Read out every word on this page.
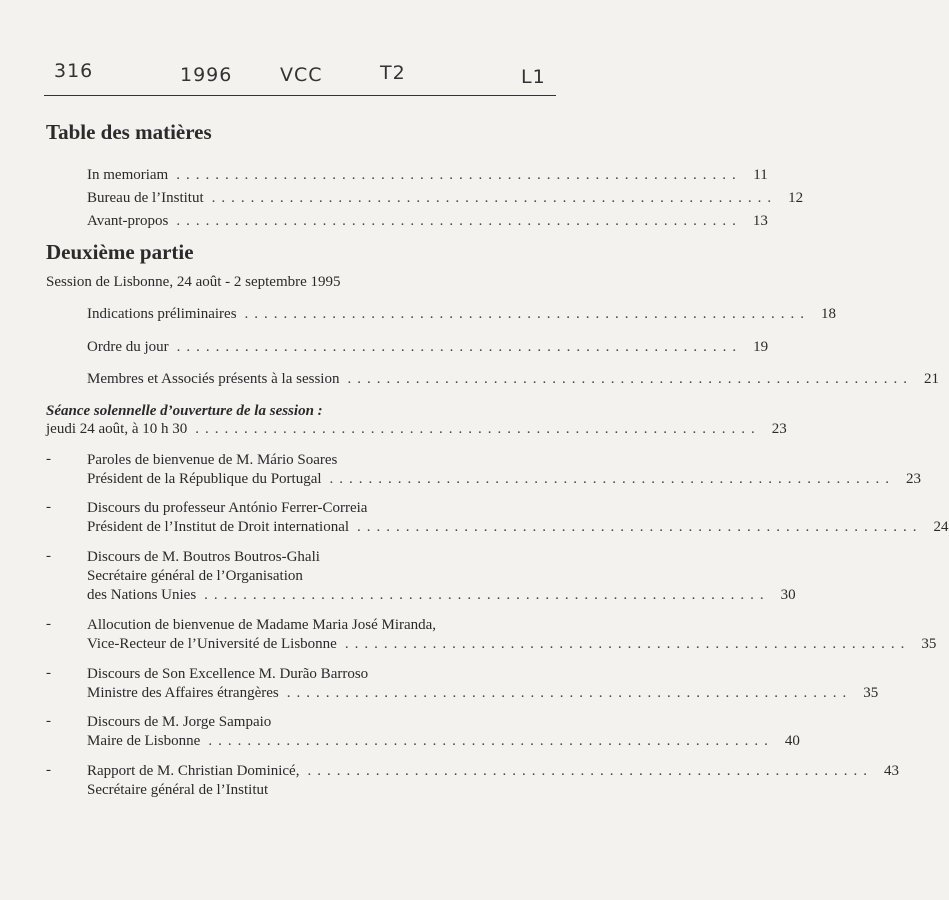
316	1996	VCC	T2	L1
Table des matières
In memoriam .......................................................... 11
Bureau de l’Institut .......................................................... 12
Avant-propos .......................................................... 13
Deuxième partie
Session de Lisbonne, 24 août - 2 septembre 1995
Indications préliminaires .......................................................... 18
Ordre du jour .......................................................... 19
Membres et Associés présents à la session .......................................................... 21
Séance solennelle d’ouverture de la session :
jeudi 24 août, à 10 h 30 .......................................................... 23
- Paroles de bienvenue de M. Mário Soares
Président de la République du Portugal .......................................................... 23
- Discours du professeur António Ferrer-Correia
Président de l’Institut de Droit international .......................................................... 24
- Discours de M. Boutros Boutros-Ghali
Secrétaire général de l’Organisation
des Nations Unies .......................................................... 30
- Allocution de bienvenue de Madame Maria José Miranda,
Vice-Recteur de l’Université de Lisbonne .......................................................... 35
- Discours de Son Excellence M. Durão Barroso
Ministre des Affaires étrangères .......................................................... 35
- Discours de M. Jorge Sampaio
Maire de Lisbonne .......................................................... 40
- Rapport de M. Christian Dominicé, .......................................................... 43
Secrétaire général de l’Institut
